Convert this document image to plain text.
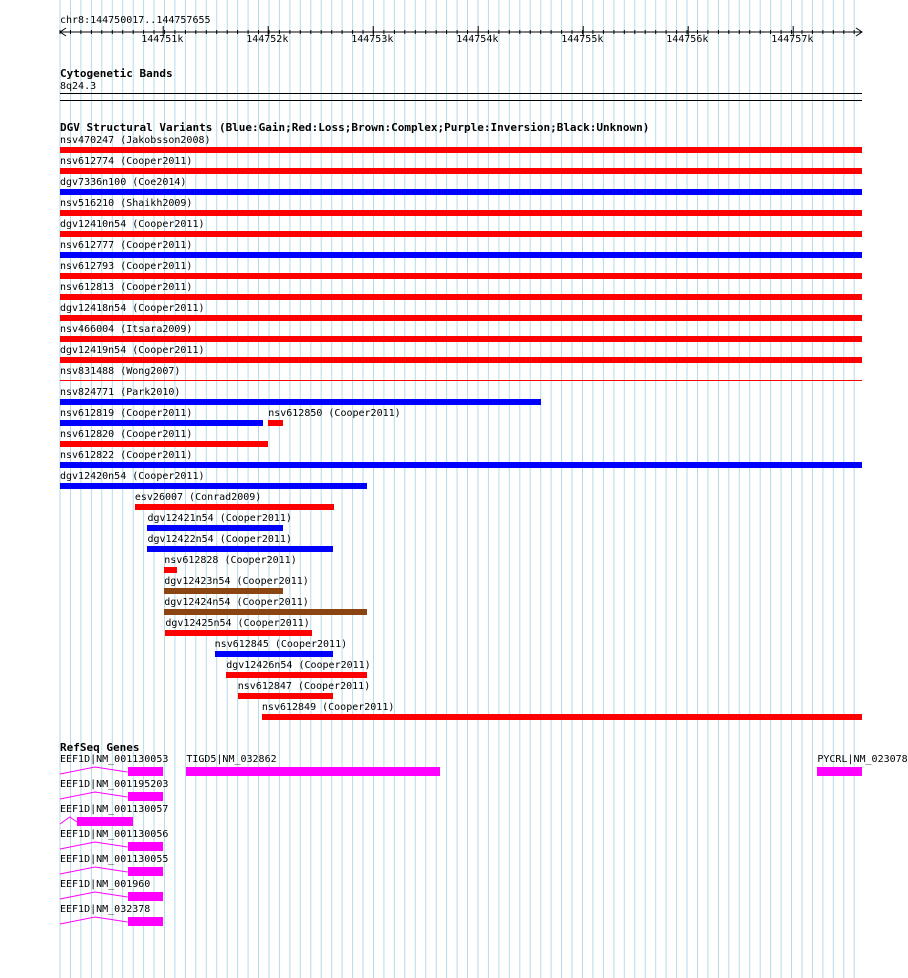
chr8:144750017..144757655
144751k	144752k	144753k	144754k	144755k	144756k	144757k
Cytogenetic Bands
8q24.3
DGV Structural Variants (Blue:Gain;Red:Loss;Brown:Complex;Purple:Inversion;Black:Unknown)
nsv470247 (Jakobsson2008)
nsv612774 (Cooper2011)
dgv7336n100 (Coe2014)
nsv516210 (Shaikh2009)
dgv12410n54 (Cooper2011)
nsv612777 (Cooper2011)
nsv612793 (Cooper2011)
nsv612813 (Cooper2011)
dgv12418n54 (Cooper2011)
nsv466004 (Itsara2009)
dgv12419n54 (Cooper2011)
nsv831488 (Wong2007)
nsv824771 (Park2010)
nsv612819 (Cooper2011)	nsv612850 (Cooper2011)
nsv612820 (Cooper2011)
nsv612822 (Cooper2011)
dgv12420n54 (Cooper2011)
esv26007 (Conrad2009)
dgv12421n54 (Cooper2011)
dgv12422n54 (Cooper2011)
nsv612828 (Cooper2011)
dgv12423n54 (Cooper2011)
dgv12424n54 (Cooper2011)
dgv12425n54 (Cooper2011)
nsv612845 (Cooper2011)
dgv12426n54 (Cooper2011)
nsv612847 (Cooper2011)
nsv612849 (Cooper2011)
RefSeq Genes
EEF1D|NM_001130053 TIGD5|NM_032862	PYCRL|NM_023078
EEF1D|NM_001195203
EEF1D|NM_001130057
EEF1D|NM_001130056
EEF1D|NM_001130055
EEF1D|NM_001960
EEF1D|NM_032378
